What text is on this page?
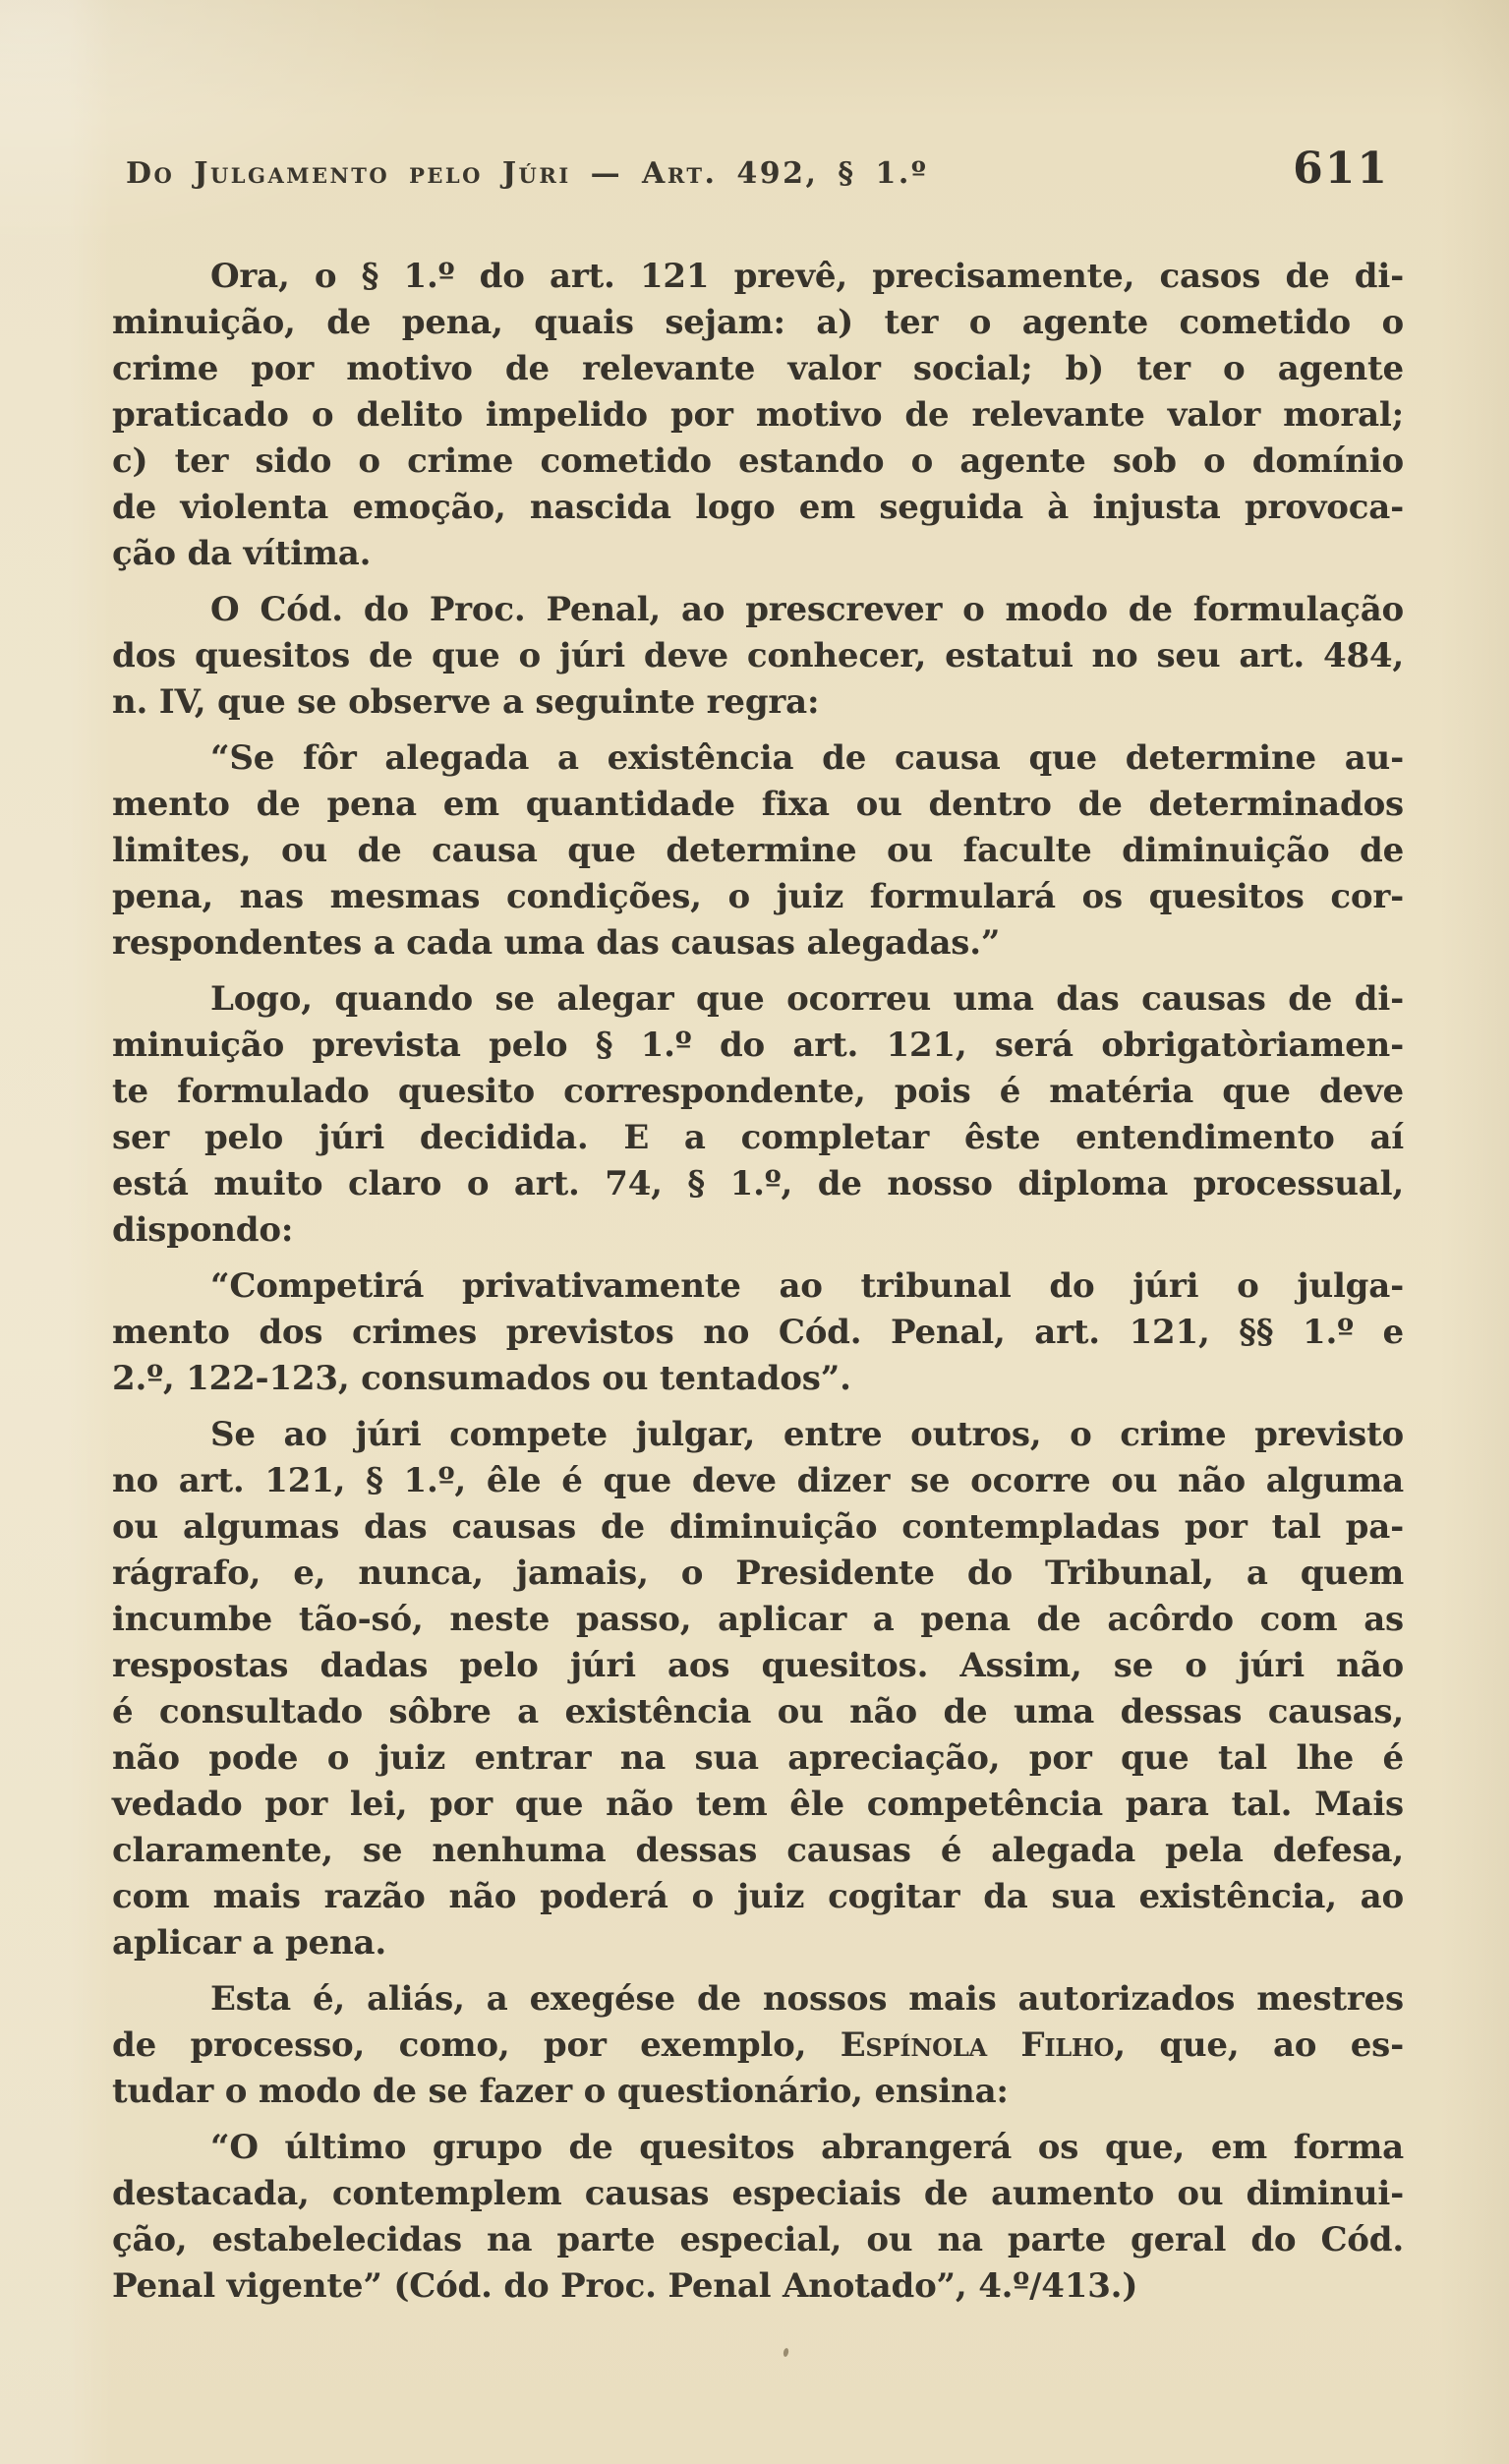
Do Julgamento pelo Júri — Art. 492, § 1.º	611
Ora, o § 1.º do art. 121 prevê, precisamente, casos de di-
minuição, de pena, quais sejam: a) ter o agente cometido o
crime por motivo de relevante valor social; b) ter o agente
praticado o delito impelido por motivo de relevante valor moral;
c) ter sido o crime cometido estando o agente sob o domínio
de violenta emoção, nascida logo em seguida à injusta provoca-
ção da vítima.
O Cód. do Proc. Penal, ao prescrever o modo de formulação
dos quesitos de que o júri deve conhecer, estatui no seu art. 484,
n. IV, que se observe a seguinte regra:
“Se fôr alegada a existência de causa que determine au-
mento de pena em quantidade fixa ou dentro de determinados
limites, ou de causa que determine ou faculte diminuição de
pena, nas mesmas condições, o juiz formulará os quesitos cor-
respondentes a cada uma das causas alegadas.”
Logo, quando se alegar que ocorreu uma das causas de di-
minuição prevista pelo § 1.º do art. 121, será obrigatòriamen-
te formulado quesito correspondente, pois é matéria que deve
ser pelo júri decidida. E a completar êste entendimento aí
está muito claro o art. 74, § 1.º, de nosso diploma processual,
dispondo:
“Competirá privativamente ao tribunal do júri o julga-
mento dos crimes previstos no Cód. Penal, art. 121, §§ 1.º e
2.º, 122-123, consumados ou tentados”.
Se ao júri compete julgar, entre outros, o crime previsto
no art. 121, § 1.º, êle é que deve dizer se ocorre ou não alguma
ou algumas das causas de diminuição contempladas por tal pa-
rágrafo, e, nunca, jamais, o Presidente do Tribunal, a quem
incumbe tão-só, neste passo, aplicar a pena de acôrdo com as
respostas dadas pelo júri aos quesitos. Assim, se o júri não
é consultado sôbre a existência ou não de uma dessas causas,
não pode o juiz entrar na sua apreciação, por que tal lhe é
vedado por lei, por que não tem êle competência para tal. Mais
claramente, se nenhuma dessas causas é alegada pela defesa,
com mais razão não poderá o juiz cogitar da sua existência, ao
aplicar a pena.
Esta é, aliás, a exegése de nossos mais autorizados mestres
de processo, como, por exemplo, Espínola Filho, que, ao es-
tudar o modo de se fazer o questionário, ensina:
“O último grupo de quesitos abrangerá os que, em forma
destacada, contemplem causas especiais de aumento ou diminui-
ção, estabelecidas na parte especial, ou na parte geral do Cód.
Penal vigente” (Cód. do Proc. Penal Anotado”, 4.º/413.)
